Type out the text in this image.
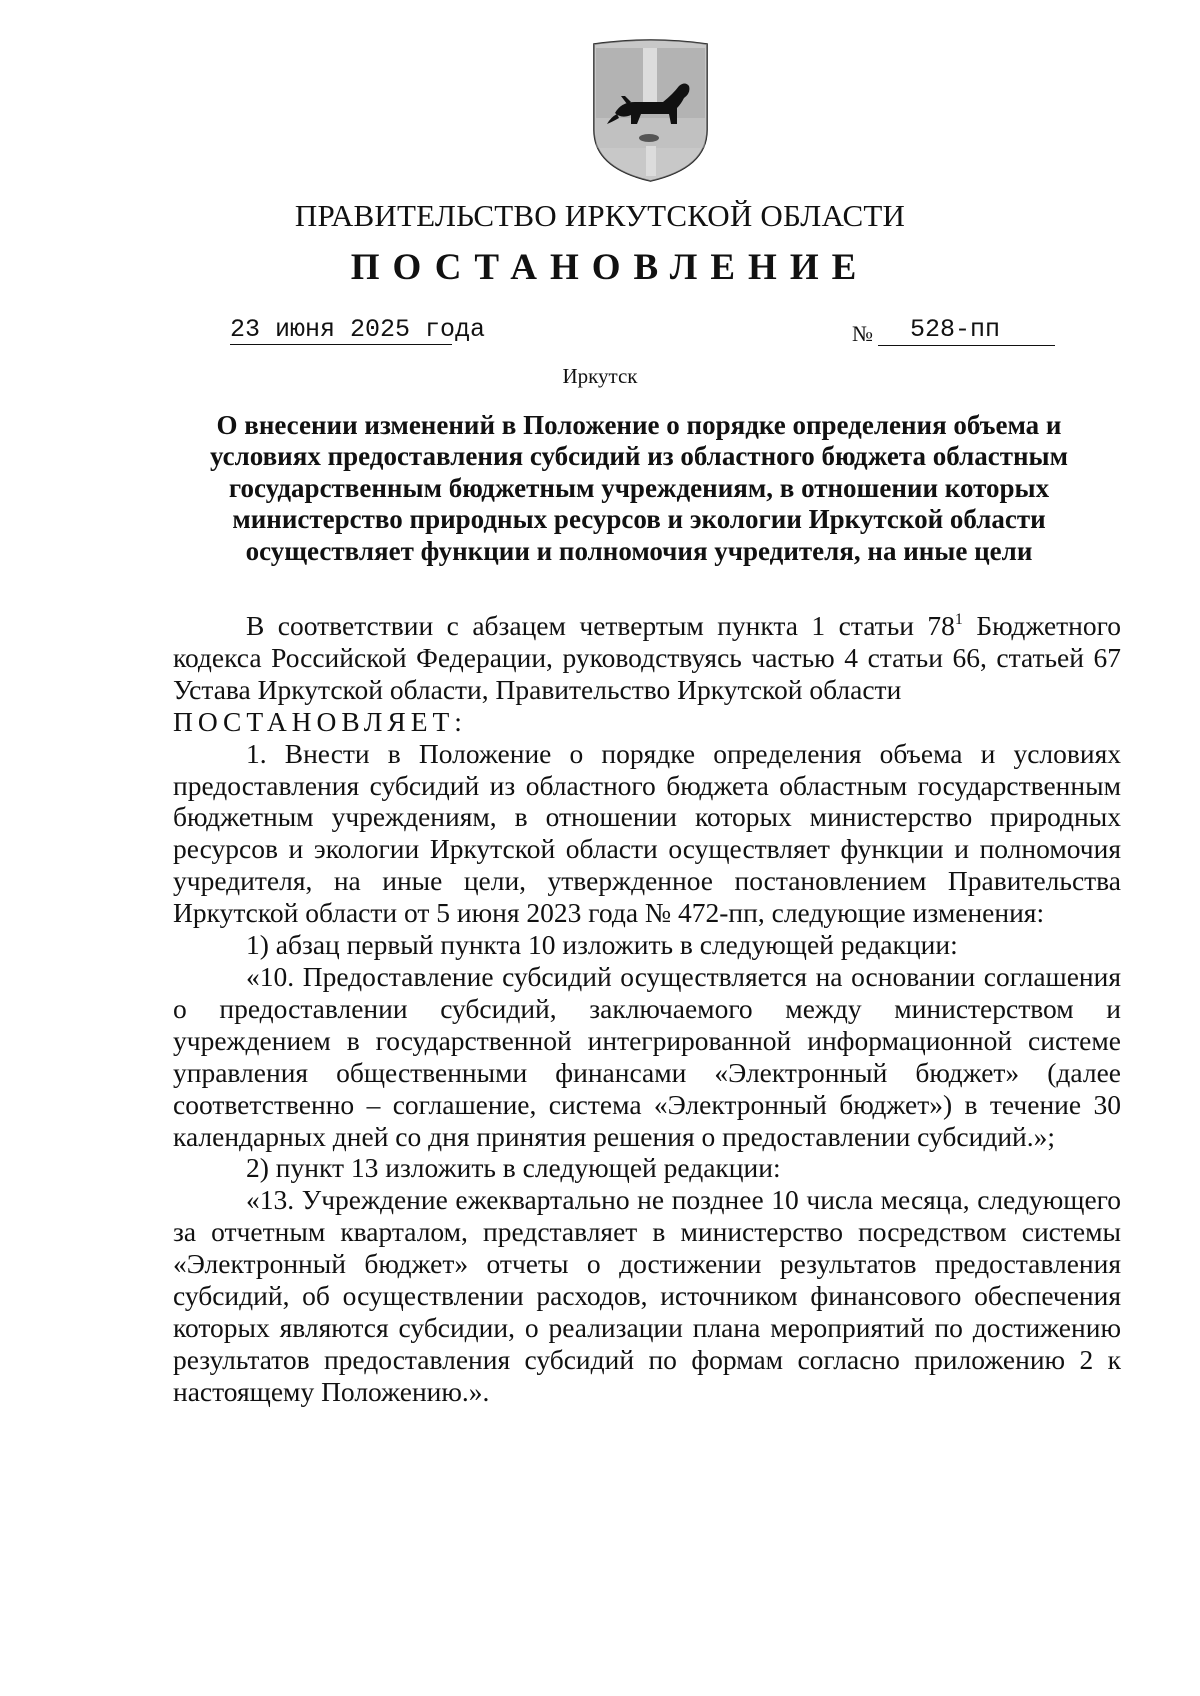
ПРАВИТЕЛЬСТВО ИРКУТСКОЙ ОБЛАСТИ
ПОСТАНОВЛЕНИЕ
23 июня 2025 года	№ 528-пп
Иркутск
О внесении изменений в Положение о порядке определения объема и
условиях предоставления субсидий из областного бюджета областным
государственным бюджетным учреждениям, в отношении которых
министерство природных ресурсов и экологии Иркутской области
осуществляет функции и полномочия учредителя, на иные цели

В соответствии с абзацем четвертым пункта 1 статьи $78^1$ Бюджетного кодекса Российской Федерации, руководствуясь частью 4 статьи 66, статьей 67 Устава Иркутской области, Правительство Иркутской области

ПОСТАНОВЛЯЕТ:

1. Внести в Положение о порядке определения объема и условиях предоставления субсидий из областного бюджета областным государственным бюджетным учреждениям, в отношении которых министерство природных ресурсов и экологии Иркутской области осуществляет функции и полномочия учредителя, на иные цели, утвержденное постановлением Правительства Иркутской области от 5 июня 2023 года № 472-пп, следующие изменения:

1) абзац первый пункта 10 изложить в следующей редакции:

«10. Предоставление субсидий осуществляется на основании соглашения о предоставлении субсидий, заключаемого между министерством и учреждением в государственной интегрированной информационной системе управления общественными финансами «Электронный бюджет» (далее соответственно – соглашение, система «Электронный бюджет») в течение 30 календарных дней со дня принятия решения о предоставлении субсидий.»;

2) пункт 13 изложить в следующей редакции:

«13. Учреждение ежеквартально не позднее 10 числа месяца, следующего за отчетным кварталом, представляет в министерство посредством системы «Электронный бюджет» отчеты о достижении результатов предоставления субсидий, об осуществлении расходов, источником финансового обеспечения которых являются субсидии, о реализации плана мероприятий по достижению результатов предоставления субсидий по формам согласно приложению 2 к настоящему Положению.».
